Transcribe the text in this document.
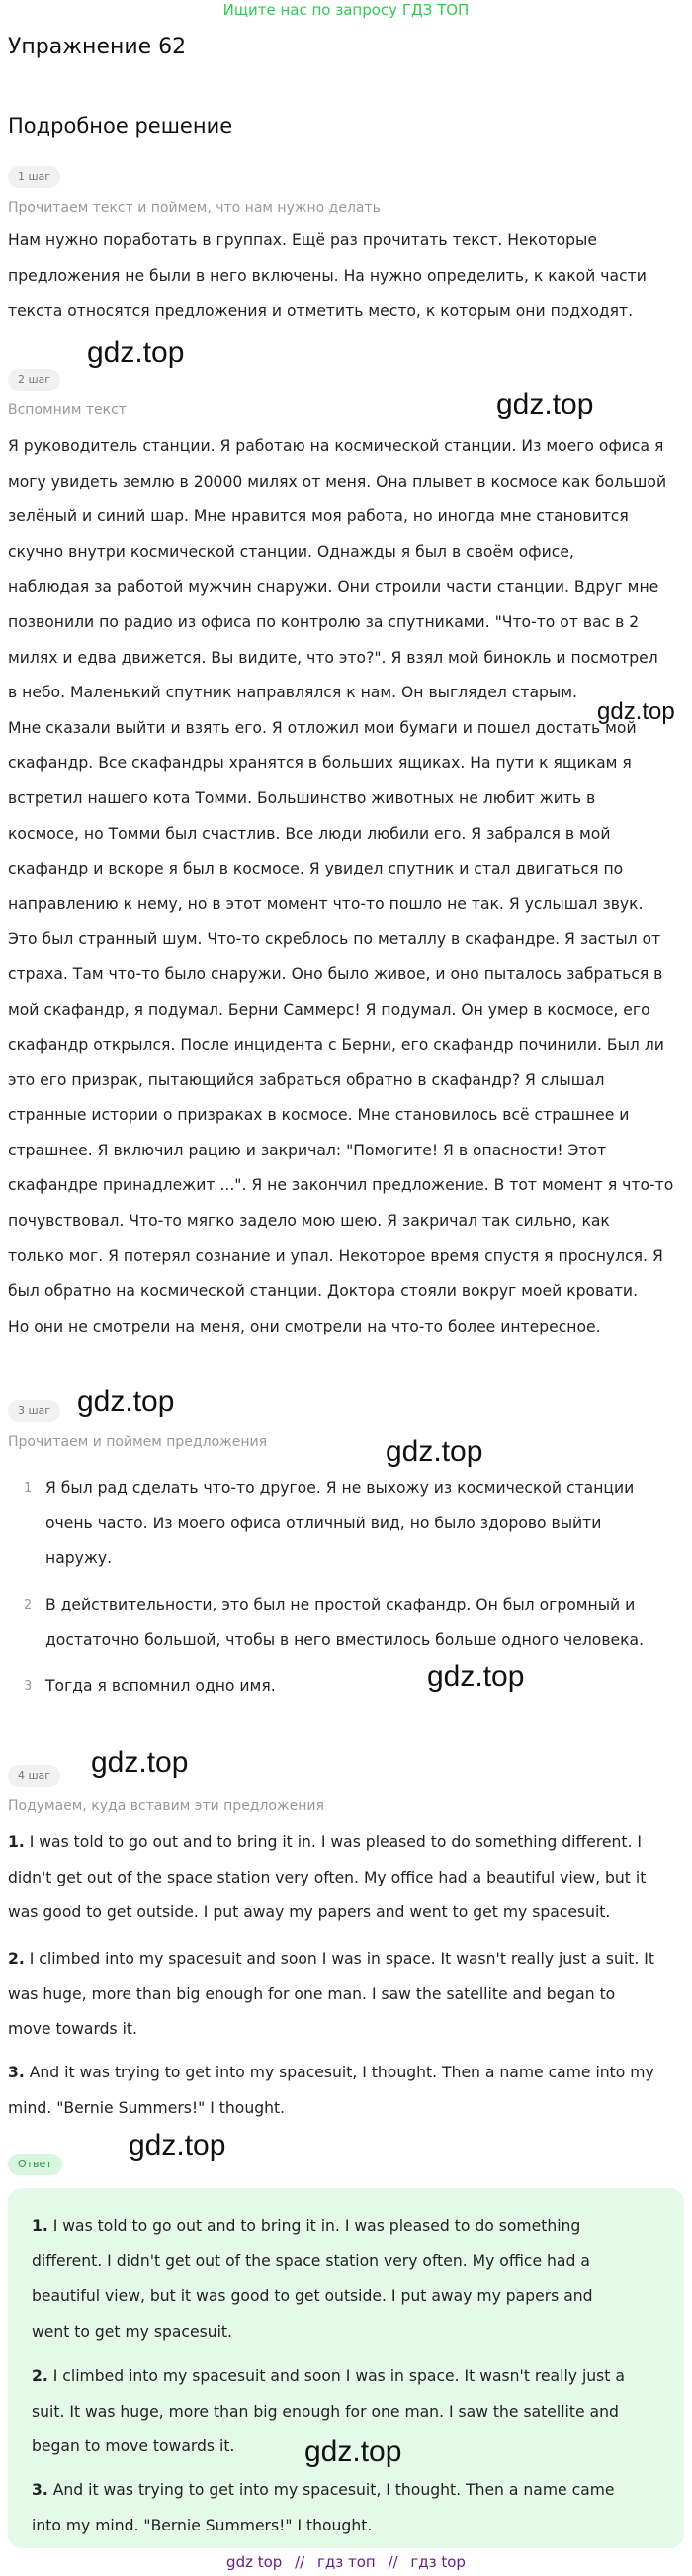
Ищите нас по запросу ГДЗ ТОП
Упражнение 62
Подробное решение
1 шаг
Прочитаем текст и поймем, что нам нужно делать
Нам нужно поработать в группах. Ещё раз прочитать текст. Некоторые
предложения не были в него включены. На нужно определить, к какой части
текста относятся предложения и отметить место, к которым они подходят.
gdz.top
2 шаг
Вспомним текст	gdz.top
Я руководитель станции. Я работаю на космической станции. Из моего офиса я
могу увидеть землю в 20000 милях от меня. Она плывет в космосе как большой
зелёный и синий шар. Мне нравится моя работа, но иногда мне становится
скучно внутри космической станции. Однажды я был в своём офисе,
наблюдая за работой мужчин снаружи. Они строили части станции. Вдруг мне
позвонили по радио из офиса по контролю за спутниками. "Что-то от вас в 2
милях и едва движется. Вы видите, что это?". Я взял мой бинокль и посмотрел
в небо. Маленький спутник направлялся к нам. Он выглядел старым.
Мне сказали выйти и взять его. Я отложил мои бумаги и пошел достать мой
скафандр. Все скафандры хранятся в больших ящиках. На пути к ящикам я
встретил нашего кота Томми. Большинство животных не любит жить в
космосе, но Томми был счастлив. Все люди любили его. Я забрался в мой
скафандр и вскоре я был в космосе. Я увидел спутник и стал двигаться по
направлению к нему, но в этот момент что-то пошло не так. Я услышал звук.
Это был странный шум. Что-то скреблось по металлу в скафандре. Я застыл от
страха. Там что-то было снаружи. Оно было живое, и оно пыталось забраться в
мой скафандр, я подумал. Берни Саммерс! Я подумал. Он умер в космосе, его
скафандр открылся. После инцидента с Берни, его скафандр починили. Был ли
это его призрак, пытающийся забраться обратно в скафандр? Я слышал
странные истории о призраках в космосе. Мне становилось всё страшнее и
страшнее. Я включил рацию и закричал: "Помогите! Я в опасности! Этот
скафандре принадлежит ...". Я не закончил предложение. В тот момент я что-то
почувствовал. Что-то мягко задело мою шею. Я закричал так сильно, как
только мог. Я потерял сознание и упал. Некоторое время спустя я проснулся. Я
был обратно на космической станции. Доктора стояли вокруг моей кровати.
Но они не смотрели на меня, они смотрели на что-то более интересное.
gdz.top
3 шаг gdz.top
Прочитаем и поймем предложения	gdz.top
1 Я был рад сделать что-то другое. Я не выхожу из космической станции
очень часто. Из моего офиса отличный вид, но было здорово выйти
наружу.
2 В действительности, это был не простой скафандр. Он был огромный и
достаточно большой, чтобы в него вместилось больше одного человека.
3 Тогда я вспомнил одно имя.	gdz.top
4 шаг	gdz.top
Подумаем, куда вставим эти предложения
1. I was told to go out and to bring it in. I was pleased to do something different. I
didn't get out of the space station very often. My office had a beautiful view, but it
was good to get outside. I put away my papers and went to get my spacesuit.
2. I climbed into my spacesuit and soon I was in space. It wasn't really just a suit. It
was huge, more than big enough for one man. I saw the satellite and began to
move towards it.
3. And it was trying to get into my spacesuit, I thought. Then a name came into my
mind. "Bernie Summers!" I thought.
Ответ
gdz.top
1. I was told to go out and to bring it in. I was pleased to do something
different. I didn't get out of the space station very often. My office had a
beautiful view, but it was good to get outside. I put away my papers and
went to get my spacesuit.
2. I climbed into my spacesuit and soon I was in space. It wasn't really just a
suit. It was huge, more than big enough for one man. I saw the satellite and
began to move towards it.	gdz.top
3. And it was trying to get into my spacesuit, I thought. Then a name came
into my mind. "Bernie Summers!" I thought.
gdz top // гдз топ // гдз top
